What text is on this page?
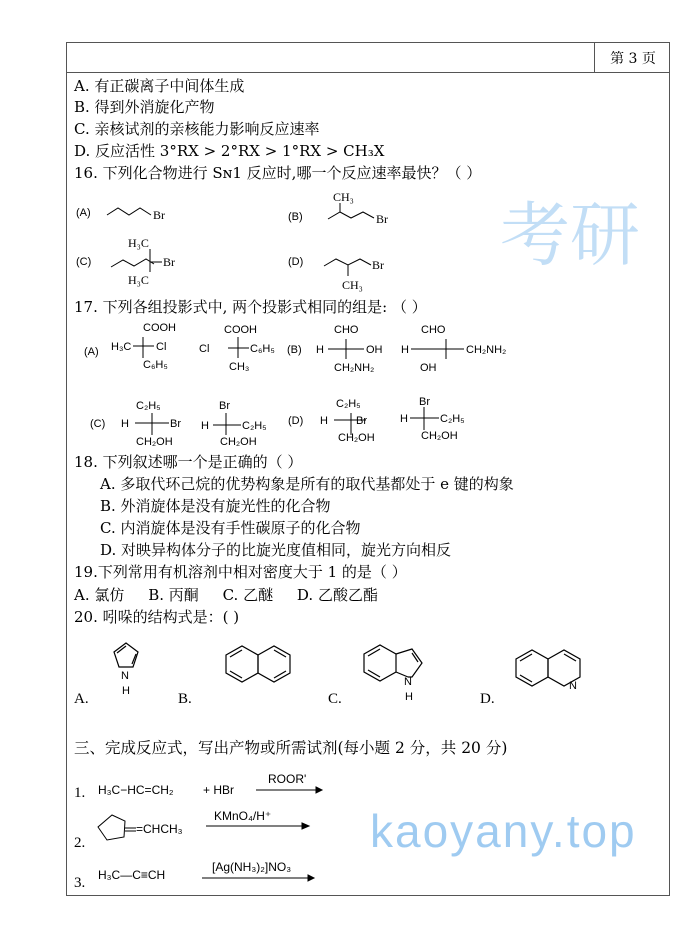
第 3 页
A. 有正碳离子中间体生成
B. 得到外消旋化产物
C. 亲核试剂的亲核能力影响反应速率
D. 反应活性 3°RX > 2°RX > 1°RX > CH₃X
16. 下列化合物进行 Sɴ1 反应时,哪一个反应速率最快？（ ）
(A)	Br	(B)
CH₃
Br
(C)
H₃C
Br
H₃C
(D)	Br
CH₃
17. 下列各组投影式中, 两个投影式相同的组是: （ ）
(A)
COOH
H₃C Cl
C₆H₅
COOH
Cl	C₆H₅
CH₃
(B)
CHO
H	OH
CH₂NH₂
CHO
H	CH₂NH₂
OH
(C)
C₂H₅
H	Br
CH₂OH
Br
H	C₂H₅
CH₂OH
(D)
C₂H₅
H	Br
CH₂OH
Br
H	C₂H₅
CH₂OH
18. 下列叙述哪一个是正确的（ ）
A. 多取代环己烷的优势构象是所有的取代基都处于 e 键的构象
B. 外消旋体是没有旋光性的化合物
C. 内消旋体是没有手性碳原子的化合物
D. 对映异构体分子的比旋光度值相同，旋光方向相反
19.下列常用有机溶剂中相对密度大于 1 的是（ ）
A. 氯仿     B. 丙酮     C. 乙醚     D. 乙酸乙酯
20. 吲哚的结构式是：( )
N
H
N
H
N
A.	B.	C.	D.
三、完成反应式，写出产物或所需试剂(每小题 2 分，共 20 分)
1. H₃C−HC=CH₂ + HBr
ROOR'
2.
=CHCH₃
KMnO₄/H⁺
3. H₃C—C≡CH
[Ag(NH₃)₂]NO₃
考研
kaoyany.top
